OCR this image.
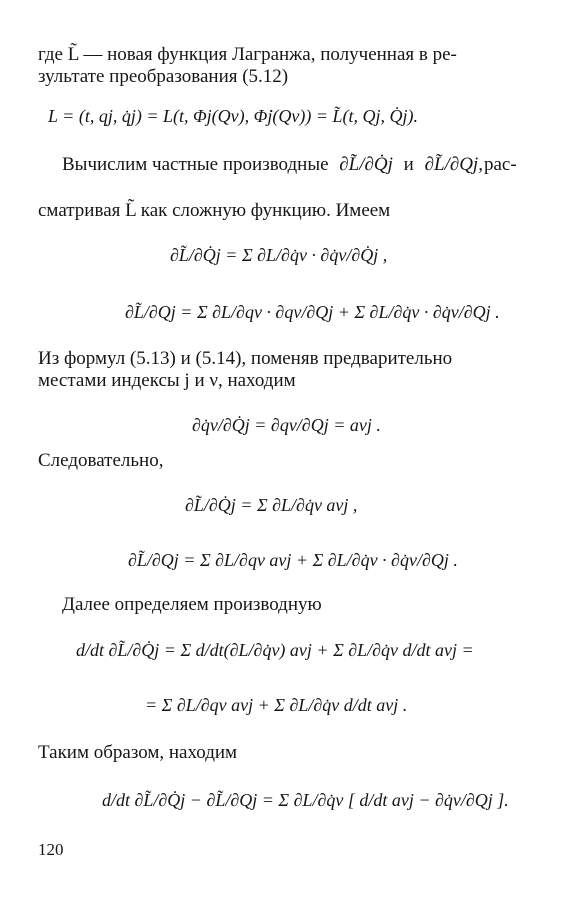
где L̃ — новая функция Лагранжа, полученная в ре-
зультате преобразования (5.12)
L = (t, qj, q̇j) = L(t, Φj(Qν), Φ̇j(Qν)) = L̃(t, Qj, Q̇j).
Вычислим частные производные ∂L̃/∂Q̇j и ∂L̃/∂Qj, рас-
сматривая L̃ как сложную функцию. Имеем
∂L̃/∂Q̇j = Σ ∂L/∂q̇ν · ∂q̇ν/∂Q̇j ,
∂L̃/∂Qj = Σ ∂L/∂qν · ∂qν/∂Qj + Σ ∂L/∂q̇ν · ∂q̇ν/∂Qj .
Из формул (5.13) и (5.14), поменяв предварительно
местами индексы j и ν, находим
∂q̇ν/∂Q̇j = ∂qν/∂Qj = aνj .
Следовательно,
∂L̃/∂Q̇j = Σ ∂L/∂q̇ν aνj ,
∂L̃/∂Qj = Σ ∂L/∂qν aνj + Σ ∂L/∂q̇ν · ∂q̇ν/∂Qj .
Далее определяем производную
d/dt ∂L̃/∂Q̇j = Σ d/dt(∂L/∂q̇ν) aνj + Σ ∂L/∂q̇ν d/dt aνj =
= Σ ∂L/∂qν aνj + Σ ∂L/∂q̇ν d/dt aνj .
Таким образом, находим
d/dt ∂L̃/∂Q̇j − ∂L̃/∂Qj = Σ ∂L/∂q̇ν [ d/dt aνj − ∂q̇ν/∂Qj ].
120
